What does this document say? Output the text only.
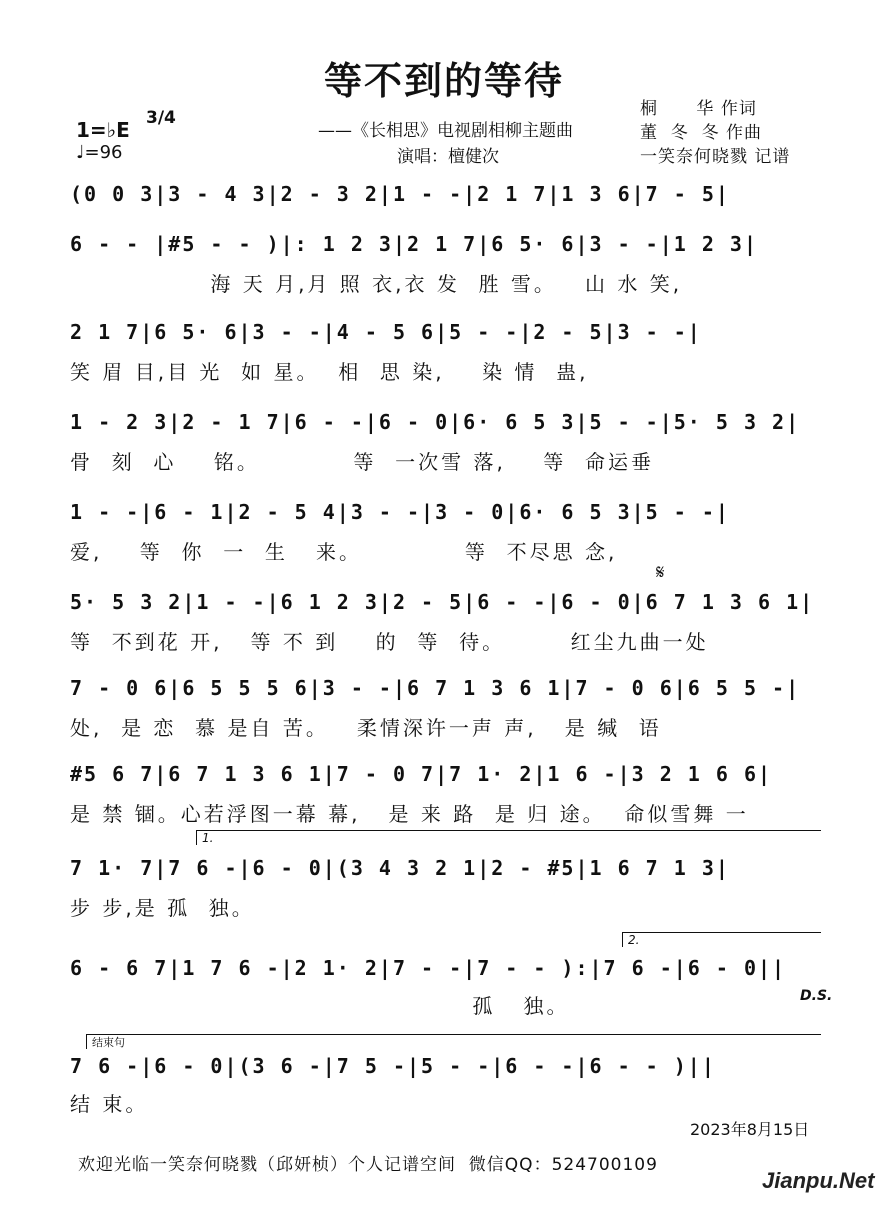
等不到的等待
1=♭E 3/4
♩=96
——《长相思》电视剧相柳主题曲
演唱：檀健次
桐      华 作词
董  冬  冬 作曲
一笑奈何晓戮 记谱
(0 0 3|3 - 4 3|2 - 3 2|1 - -|2 1 7|1 3 6|7 - 5|
6 - - |#5 - - )|: 1 2 3|2 1 7|6 5· 6|3 - -|1 2 3|
海 天 月,月 照 衣,衣 发  胜 雪。   山 水 笑,
2 1 7|6 5· 6|3 - -|4 - 5 6|5 - -|2 - 5|3 - -|
笑 眉 目,目 光  如 星。  相  思 染,    染 情  蛊,
1 - 2 3|2 - 1 7|6 - -|6 - 0|6· 6 5 3|5 - -|5· 5 3 2|
骨  刻  心    铭。          等  一次雪 落,    等  命运垂
1 - -|6 - 1|2 - 5 4|3 - -|3 - 0|6· 6 5 3|5 - -|
爱,    等  你  一  生   来。           等  不尽思 念,
𝄋
5· 5 3 2|1 - -|6 1 2 3|2 - 5|6 - -|6 - 0|6 7 1 3 6 1|
等  不到花 开,   等 不 到    的  等  待。       红尘九曲一处
7 - 0 6|6 5 5 5 6|3 - -|6 7 1 3 6 1|7 - 0 6|6 5 5 -|
处,  是 恋  慕 是自 苦。   柔情深许一声 声,   是 缄  语
#5 6 7|6 7 1 3 6 1|7 - 0 7|7 1· 2|1 6 -|3 2 1 6 6|
是 禁 锢。心若浮图一幕 幕,   是 来 路  是 归 途。  命似雪舞 一
1.
7 1· 7|7 6 -|6 - 0|(3 4 3 2 1|2 - #5|1 6 7 1 3|
步 步,是 孤  独。
2.
6 - 6 7|1 7 6 -|2 1· 2|7 - -|7 - - ):|7 6 -|6 - 0||
孤   独。	D.S.
结束句
7 6 -|6 - 0|(3 6 -|7 5 -|5 - -|6 - -|6 - - )||
结 束。
2023年8月15日
欢迎光临一笑奈何晓戮（邱妍桢）个人记谱空间  微信QQ：524700109
Jianpu.Net
